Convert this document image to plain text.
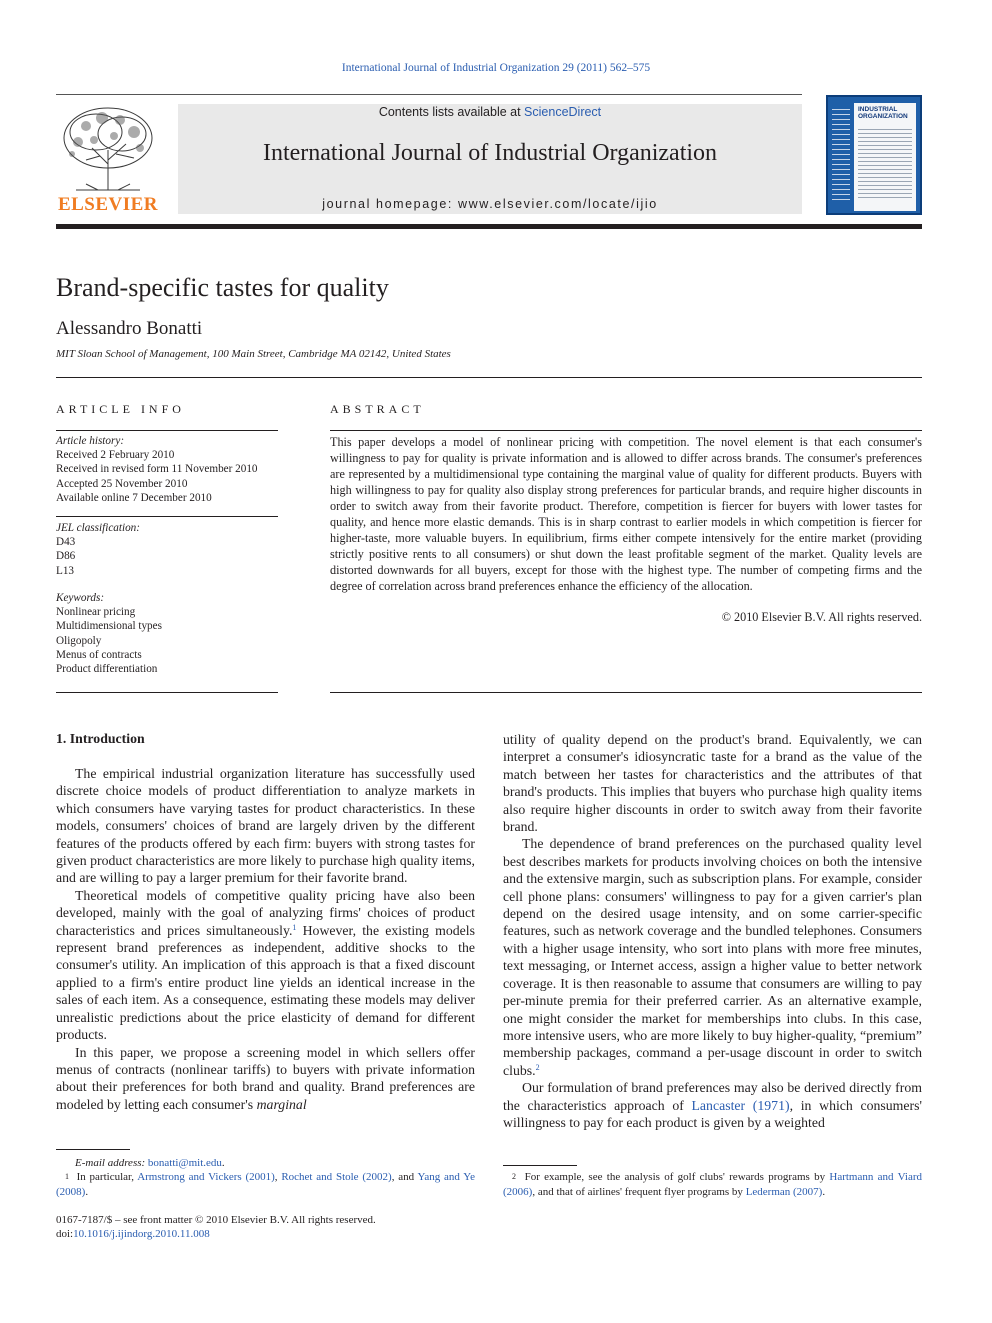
International Journal of Industrial Organization 29 (2011) 562–575
ELSEVIER
Contents lists available at ScienceDirect
International Journal of Industrial Organization
journal homepage: www.elsevier.com/locate/ijio
INDUSTRIAL ORGANIZATION
Brand-specific tastes for quality
Alessandro Bonatti
MIT Sloan School of Management, 100 Main Street, Cambridge MA 02142, United States
ARTICLE INFO
Article history:
Received 2 February 2010
Received in revised form 11 November 2010
Accepted 25 November 2010
Available online 7 December 2010
JEL classification:
D43
D86
L13
Keywords:
Nonlinear pricing
Multidimensional types
Oligopoly
Menus of contracts
Product differentiation
ABSTRACT
This paper develops a model of nonlinear pricing with competition. The novel element is that each consumer's willingness to pay for quality is private information and is allowed to differ across brands. The consumer's preferences are represented by a multidimensional type containing the marginal value of quality for different products. Buyers with high willingness to pay for quality also display strong preferences for particular brands, and require higher discounts in order to switch away from their favorite product. Therefore, competition is fiercer for buyers with lower tastes for quality, and hence more elastic demands. This is in sharp contrast to earlier models in which competition is fiercer for higher-taste, more valuable buyers. In equilibrium, firms either compete intensively for the entire market (providing strictly positive rents to all consumers) or shut down the least profitable segment of the market. Quality levels are distorted downwards for all buyers, except for those with the highest type. The number of competing firms and the degree of correlation across brand preferences enhance the efficiency of the allocation.
© 2010 Elsevier B.V. All rights reserved.
1. Introduction

The empirical industrial organization literature has successfully used discrete choice models of product differentiation to analyze markets in which consumers have varying tastes for product characteristics. In these models, consumers' choices of brand are largely driven by the different features of the products offered by each firm: buyers with strong tastes for given product characteristics are more likely to purchase high quality items, and are willing to pay a larger premium for their favorite brand.

Theoretical models of competitive quality pricing have also been developed, mainly with the goal of analyzing firms' choices of product characteristics and prices simultaneously.$^1$ However, the existing models represent brand preferences as independent, additive shocks to the consumer's utility. An implication of this approach is that a fixed discount applied to a firm's entire product line yields an identical increase in the sales of each item. As a consequence, estimating these models may deliver unrealistic predictions about the price elasticity of demand for different products.

In this paper, we propose a screening model in which sellers offer menus of contracts (nonlinear tariffs) to buyers with private information about their preferences for both brand and quality. Brand preferences are modeled by letting each consumer's marginal

utility of quality depend on the product's brand. Equivalently, we can interpret a consumer's idiosyncratic taste for a brand as the value of the match between her tastes for characteristics and the attributes of that brand's products. This implies that buyers who purchase high quality items also require higher discounts in order to switch away from their favorite brand.

The dependence of brand preferences on the purchased quality level best describes markets for products involving choices on both the intensive and the extensive margin, such as subscription plans. For example, consider cell phone plans: consumers' willingness to pay for a given carrier's plan depend on the desired usage intensity, and on some carrier-specific features, such as network coverage and the bundled telephones. Consumers with a higher usage intensity, who sort into plans with more free minutes, text messaging, or Internet access, assign a higher value to better network coverage. It is then reasonable to assume that consumers are willing to pay per-minute premia for their preferred carrier. As an alternative example, one might consider the market for memberships into clubs. In this case, more intensive users, who are more likely to buy higher-quality, “premium” membership packages, command a per-usage discount in order to switch clubs.$^2$

Our formulation of brand preferences may also be derived directly from the characteristics approach of Lancaster (1971), in which consumers' willingness to pay for each product is given by a weighted

E-mail address: bonatti@mit.edu.
$^1$ In particular, Armstrong and Vickers (2001), Rochet and Stole (2002), and Yang and Ye (2008).
$^2$ For example, see the analysis of golf clubs' rewards programs by Hartmann and Viard (2006), and that of airlines' frequent flyer programs by Lederman (2007).
0167-7187/$ – see front matter © 2010 Elsevier B.V. All rights reserved.
doi:10.1016/j.ijindorg.2010.11.008
